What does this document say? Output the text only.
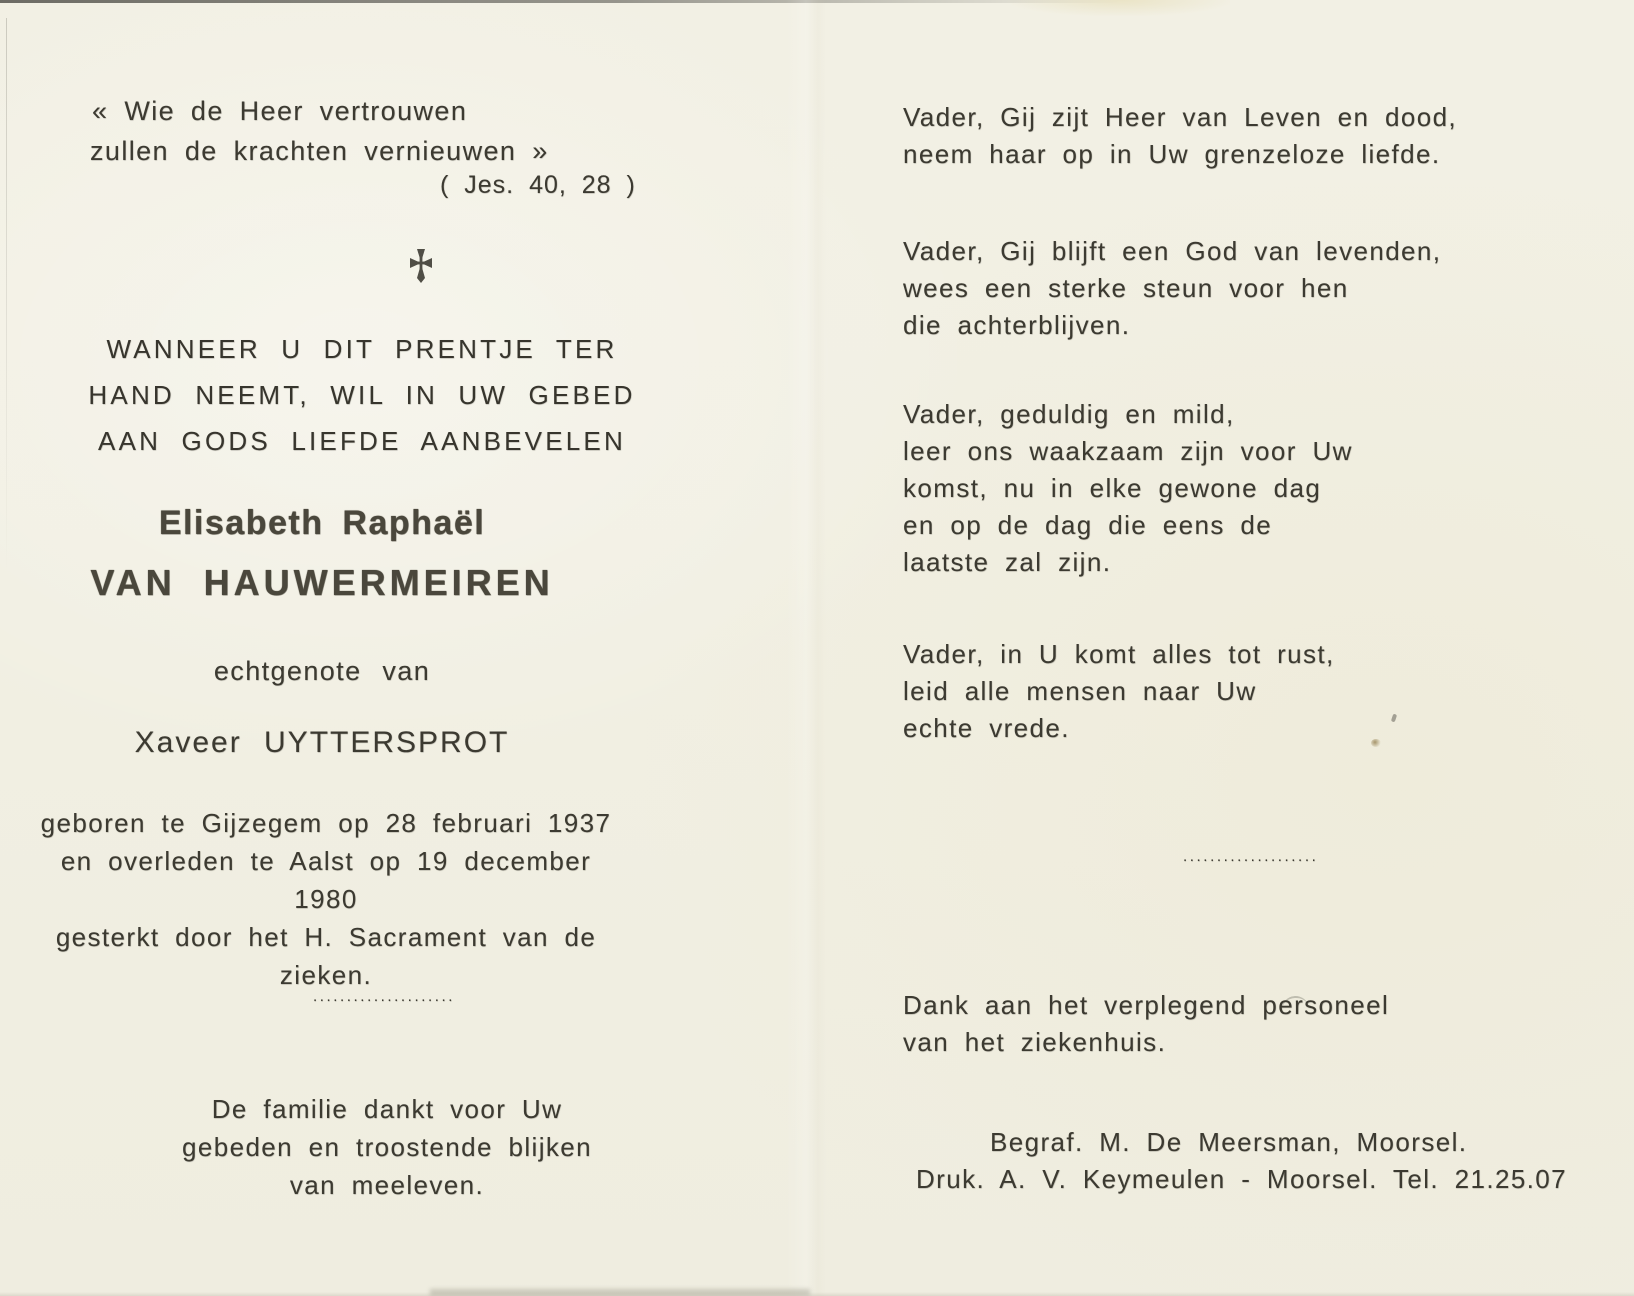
« Wie de Heer vertrouwen
zullen de krachten vernieuwen »
( Jes. 40, 28 )
WANNEER U DIT PRENTJE TER
HAND NEEMT, WIL IN UW GEBED
AAN GODS LIEFDE AANBEVELEN
Elisabeth Raphaël
VAN HAUWERMEIREN
echtgenote van
Xaveer UYTTERSPROT
geboren te Gijzegem op 28 februari 1937
en overleden te Aalst op 19 december 1980
gesterkt door het H. Sacrament van de zieken.
.....................
De familie dankt voor Uw
gebeden en troostende blijken
van meeleven.
Vader, Gij zijt Heer van Leven en dood,
neem haar op in Uw grenzeloze liefde.
Vader, Gij blijft een God van levenden,
wees een sterke steun voor hen
die achterblijven.
Vader, geduldig en mild,
leer ons waakzaam zijn voor Uw
komst, nu in elke gewone dag
en op de dag die eens de
laatste zal zijn.
Vader, in U komt alles tot rust,
leid alle mensen naar Uw
echte vrede.
....................
Dank aan het verplegend personeel
van het ziekenhuis.
Begraf. M. De Meersman, Moorsel.
Druk. A. V. Keymeulen - Moorsel. Tel. 21.25.07
